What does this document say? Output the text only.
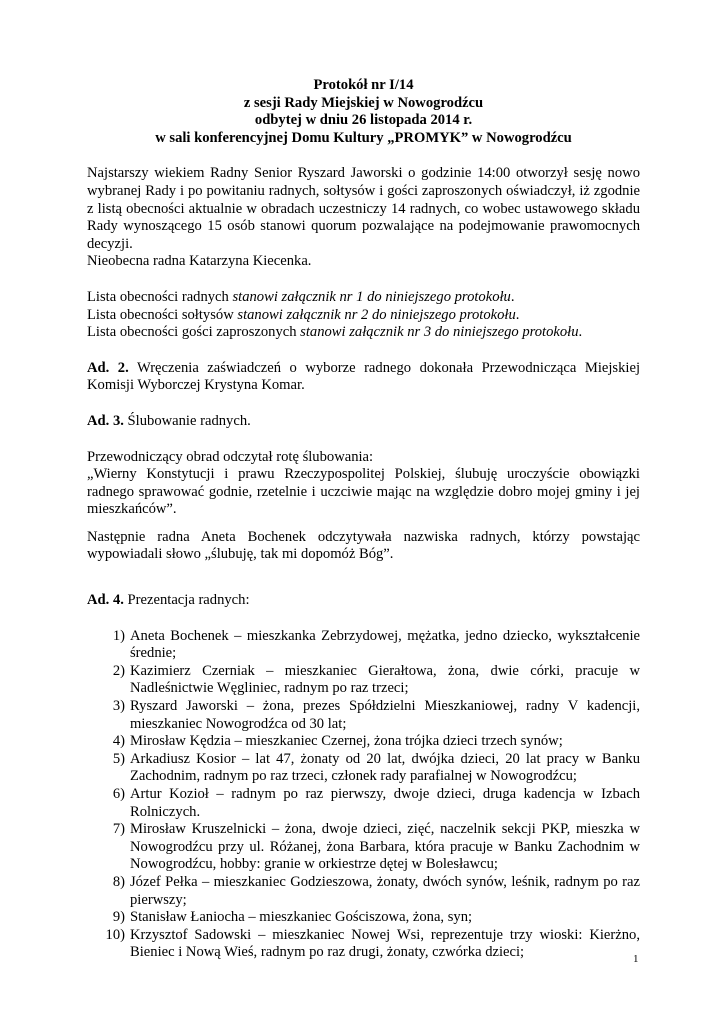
Protokół nr I/14
z sesji Rady Miejskiej w Nowogrodźcu
odbytej w dniu 26 listopada 2014 r.
w sali konferencyjnej Domu Kultury „PROMYK” w Nowogrodźcu

Najstarszy wiekiem Radny Senior Ryszard Jaworski o godzinie 14:00 otworzył sesję nowo wybranej Rady i po powitaniu radnych, sołtysów i gości zaproszonych oświadczył, iż zgodnie z listą obecności aktualnie w obradach uczestniczy 14 radnych, co wobec ustawowego składu Rady wynoszącego 15 osób stanowi quorum pozwalające na podejmowanie prawomocnych decyzji.

Nieobecna radna Katarzyna Kiecenka.

Lista obecności radnych stanowi załącznik nr 1 do niniejszego protokołu.

Lista obecności sołtysów stanowi załącznik nr 2 do niniejszego protokołu.

Lista obecności gości zaproszonych stanowi załącznik nr 3 do niniejszego protokołu.

Ad. 2. Wręczenia zaświadczeń o wyborze radnego dokonała Przewodnicząca Miejskiej Komisji Wyborczej Krystyna Komar.

Ad. 3. Ślubowanie radnych.

Przewodniczący obrad odczytał rotę ślubowania:

„Wierny Konstytucji i prawu Rzeczypospolitej Polskiej, ślubuję uroczyście obowiązki radnego sprawować godnie, rzetelnie i uczciwie mając na względzie dobro mojej gminy i jej mieszkańców”.

Następnie radna Aneta Bochenek odczytywała nazwiska radnych, którzy powstając wypowiadali słowo „ślubuję, tak mi dopomóż Bóg”.

Ad. 4. Prezentacja radnych:

1) Aneta Bochenek – mieszkanka Zebrzydowej, mężatka, jedno dziecko, wykształcenie średnie;
2) Kazimierz Czerniak – mieszkaniec Gierałtowa, żona, dwie córki, pracuje w Nadleśnictwie Węgliniec, radnym po raz trzeci;
3) Ryszard Jaworski – żona, prezes Spółdzielni Mieszkaniowej, radny V kadencji, mieszkaniec Nowogrodźca od 30 lat;
4) Mirosław Kędzia – mieszkaniec Czernej, żona trójka dzieci trzech synów;
5) Arkadiusz Kosior – lat 47, żonaty od 20 lat, dwójka dzieci, 20 lat pracy w Banku Zachodnim, radnym po raz trzeci, członek rady parafialnej w Nowogrodźcu;
6) Artur Kozioł – radnym po raz pierwszy, dwoje dzieci, druga kadencja w Izbach Rolniczych.
7) Mirosław Kruszelnicki – żona, dwoje dzieci, zięć, naczelnik sekcji PKP, mieszka w Nowogrodźcu przy ul. Różanej, żona Barbara, która pracuje w Banku Zachodnim w Nowogrodźcu, hobby: granie w orkiestrze dętej w Bolesławcu;
8) Józef Pełka – mieszkaniec Godzieszowa, żonaty, dwóch synów, leśnik, radnym po raz pierwszy;
9) Stanisław Łaniocha – mieszkaniec Gościszowa, żona, syn;
10) Krzysztof Sadowski – mieszkaniec Nowej Wsi, reprezentuje trzy wioski: Kierżno, Bieniec i Nową Wieś, radnym po raz drugi, żonaty, czwórka dzieci;	1
